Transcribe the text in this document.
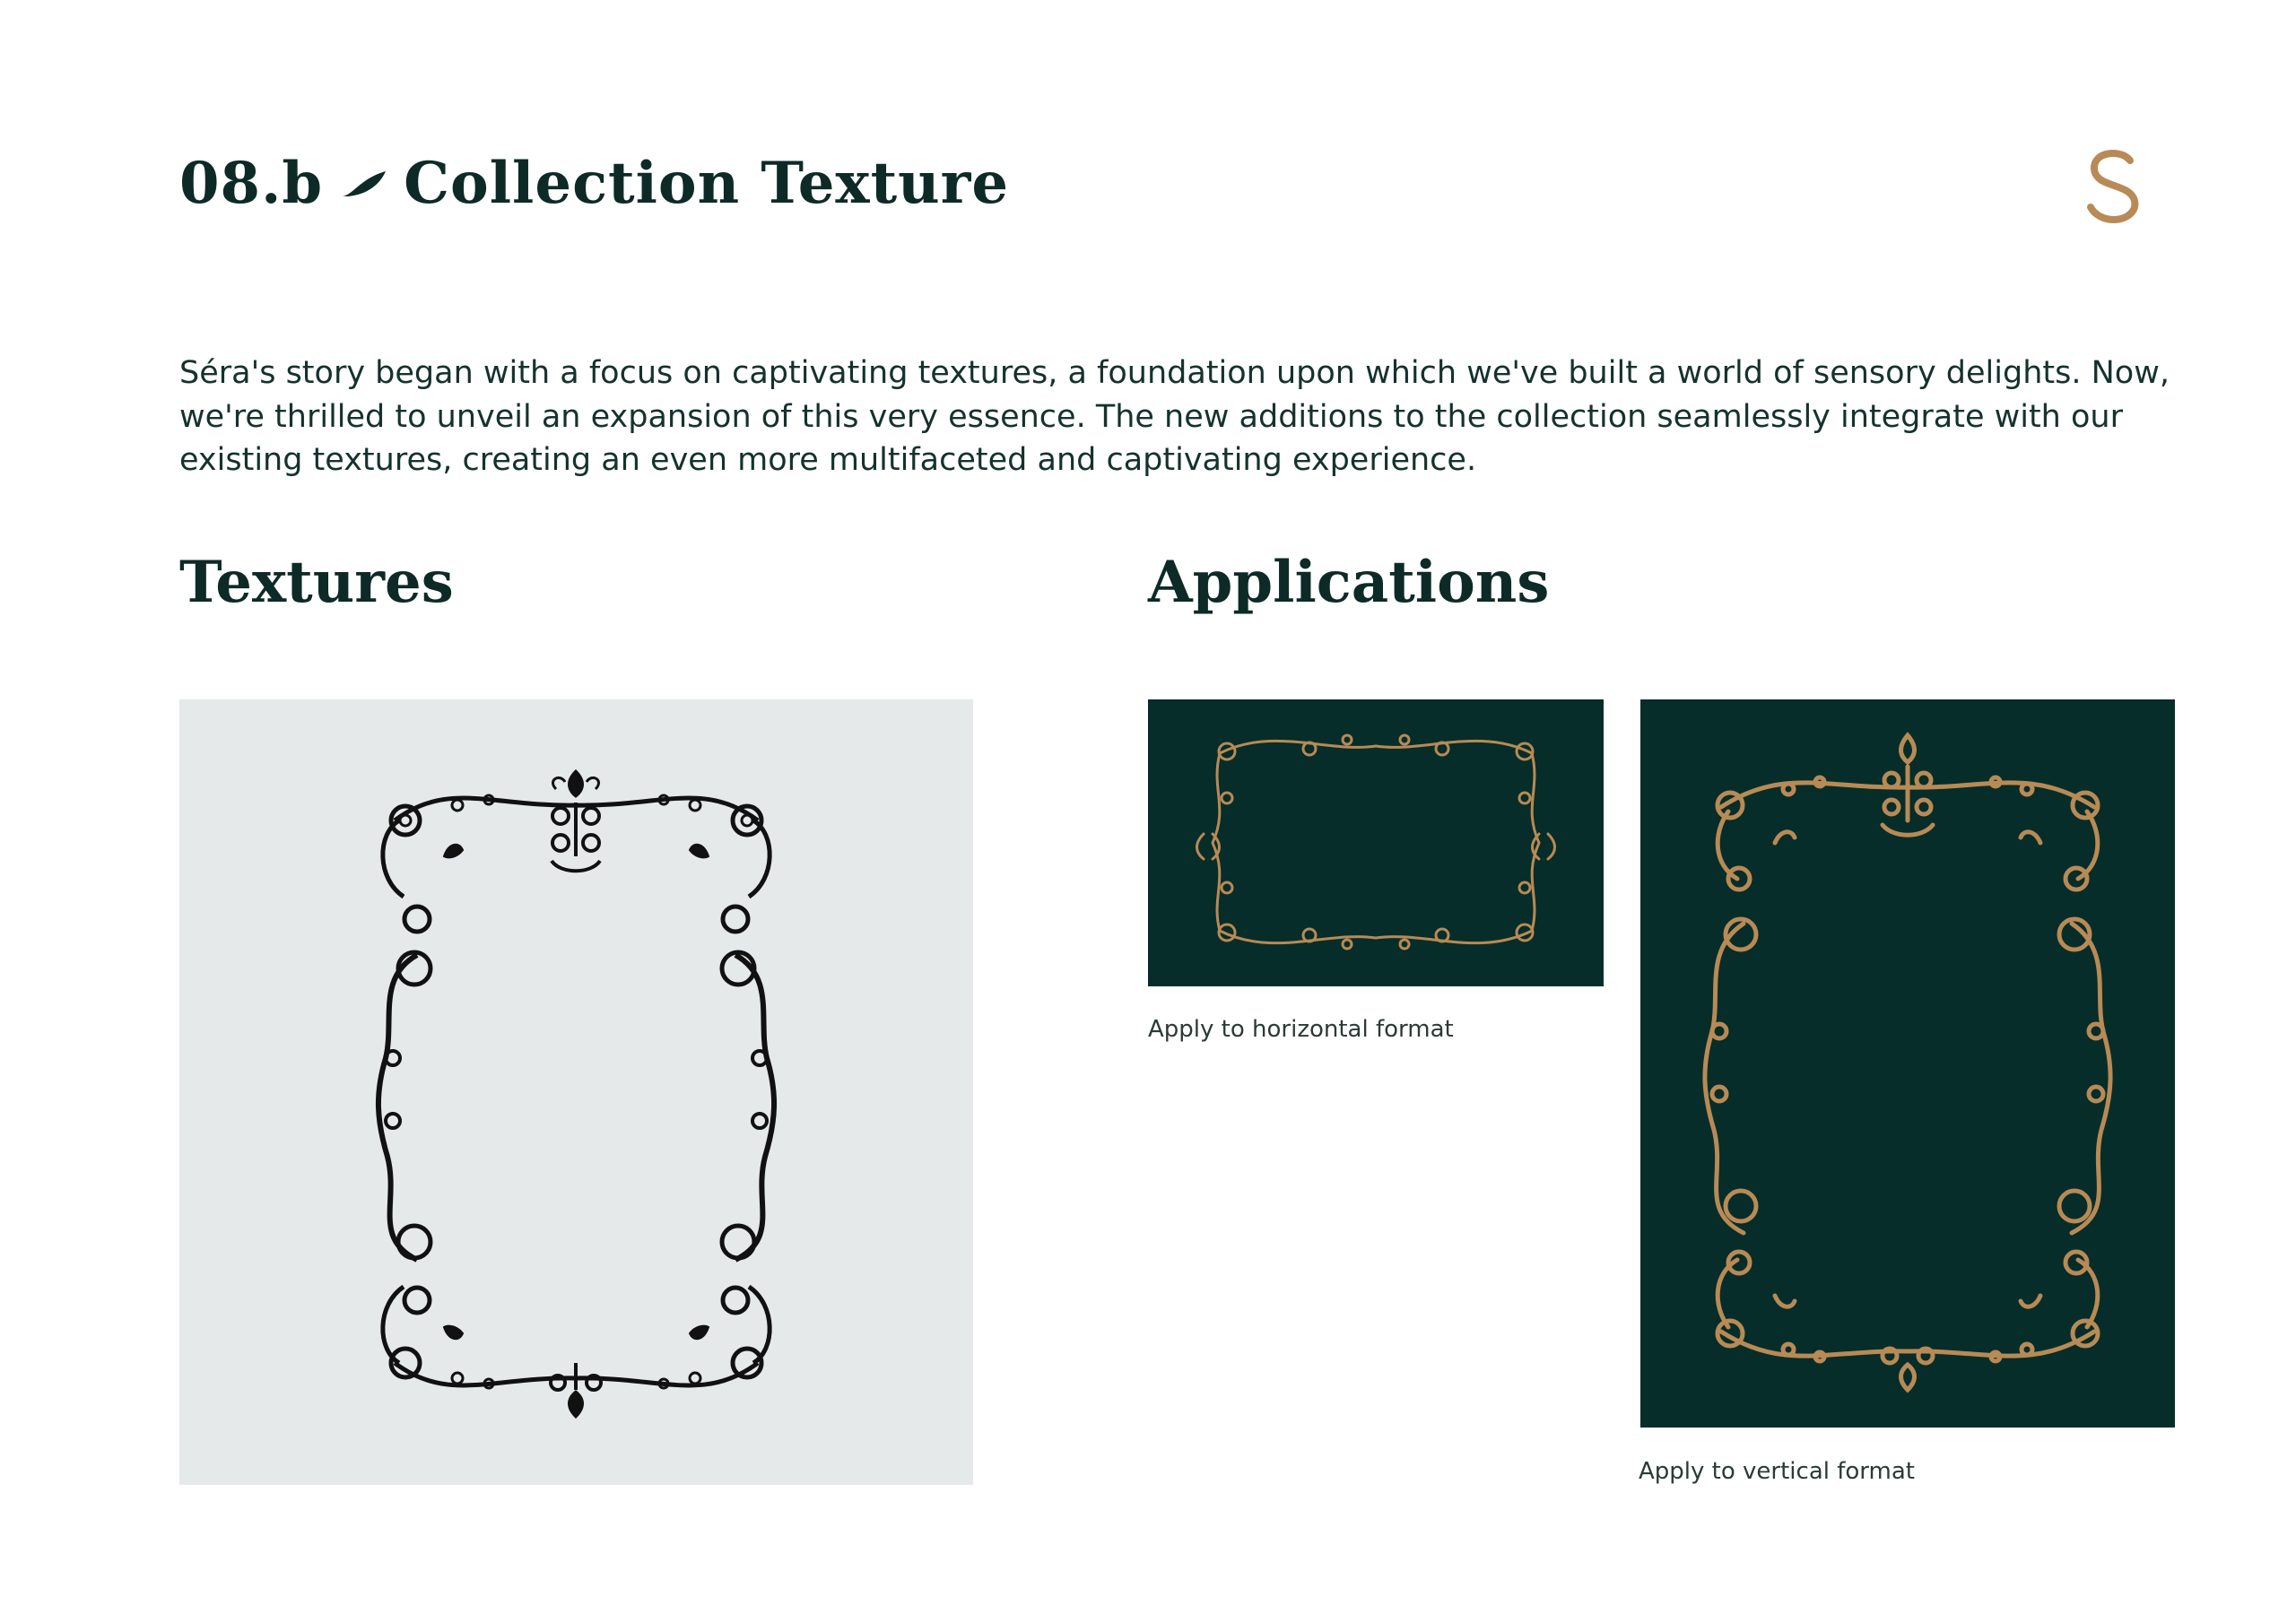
08.b Collection Texture

Séra's story began with a focus on captivating textures, a foundation upon which we've built a world of sensory delights. Now, we're thrilled to unveil an expansion of this very essence. The new additions to the collection seamlessly integrate with our existing textures, creating an even more multifaceted and captivating experience.

Textures	Applications
Apply to horizontal format
Apply to vertical format
